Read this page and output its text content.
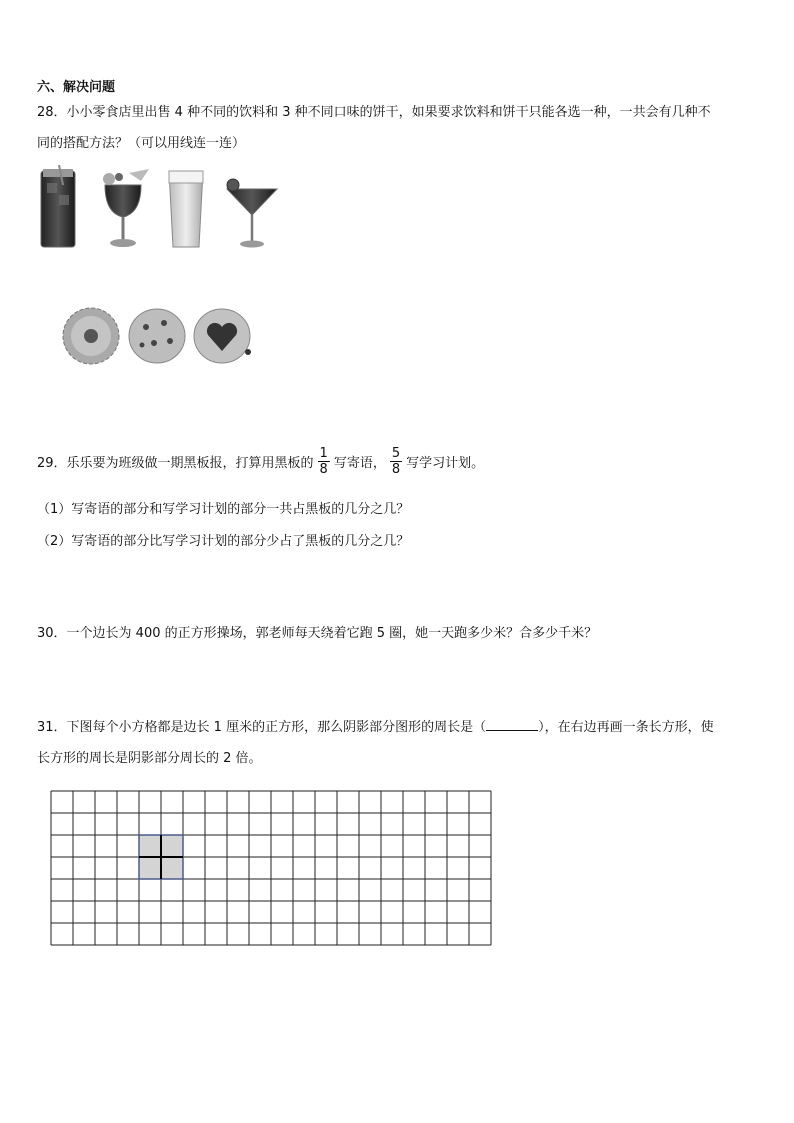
六、解决问题
28．小小零食店里出售 4 种不同的饮料和 3 种不同口味的饼干，如果要求饮料和饼干只能各选一种，一共会有几种不
同的搭配方法？（可以用线连一连）
29．乐乐要为班级做一期黑板报，打算用黑板的 $\frac{1}{8}$ 写寄语， $\frac{5}{8}$ 写学习计划。
（1）写寄语的部分和写学习计划的部分一共占黑板的几分之几？
（2）写寄语的部分比写学习计划的部分少占了黑板的几分之几？
30．一个边长为 400 的正方形操场，郭老师每天绕着它跑 5 圈，她一天跑多少米？合多少千米？
31．下图每个小方格都是边长 1 厘米的正方形，那么阴影部分图形的周长是（	），在右边再画一条长方形，使
长方形的周长是阴影部分周长的 2 倍。
